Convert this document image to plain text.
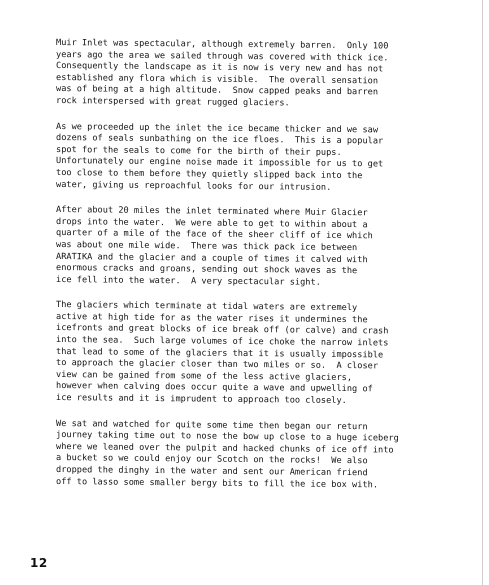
Muir Inlet was spectacular, although extremely barren.  Only 100
years ago the area we sailed through was covered with thick ice.
Consequently the landscape as it is now is very new and has not
established any flora which is visible.  The overall sensation
was of being at a high altitude.  Snow capped peaks and barren
rock interspersed with great rugged glaciers.

As we proceeded up the inlet the ice became thicker and we saw
dozens of seals sunbathing on the ice floes.  This is a popular
spot for the seals to come for the birth of their pups.
Unfortunately our engine noise made it impossible for us to get
too close to them before they quietly slipped back into the
water, giving us reproachful looks for our intrusion.

After about 20 miles the inlet terminated where Muir Glacier
drops into the water.  We were able to get to within about a
quarter of a mile of the face of the sheer cliff of ice which
was about one mile wide.  There was thick pack ice between
ARATIKA and the glacier and a couple of times it calved with
enormous cracks and groans, sending out shock waves as the
ice fell into the water.  A very spectacular sight.

The glaciers which terminate at tidal waters are extremely
active at high tide for as the water rises it undermines the
icefronts and great blocks of ice break off (or calve) and crash
into the sea.  Such large volumes of ice choke the narrow inlets
that lead to some of the glaciers that it is usually impossible
to approach the glacier closer than two miles or so.  A closer
view can be gained from some of the less active glaciers,
however when calving does occur quite a wave and upwelling of
ice results and it is imprudent to approach too closely.

We sat and watched for quite some time then began our return
journey taking time out to nose the bow up close to a huge iceberg
where we leaned over the pulpit and hacked chunks of ice off into
a bucket so we could enjoy our Scotch on the rocks!  We also
dropped the dinghy in the water and sent our American friend
off to lasso some smaller bergy bits to fill the ice box with.

12
